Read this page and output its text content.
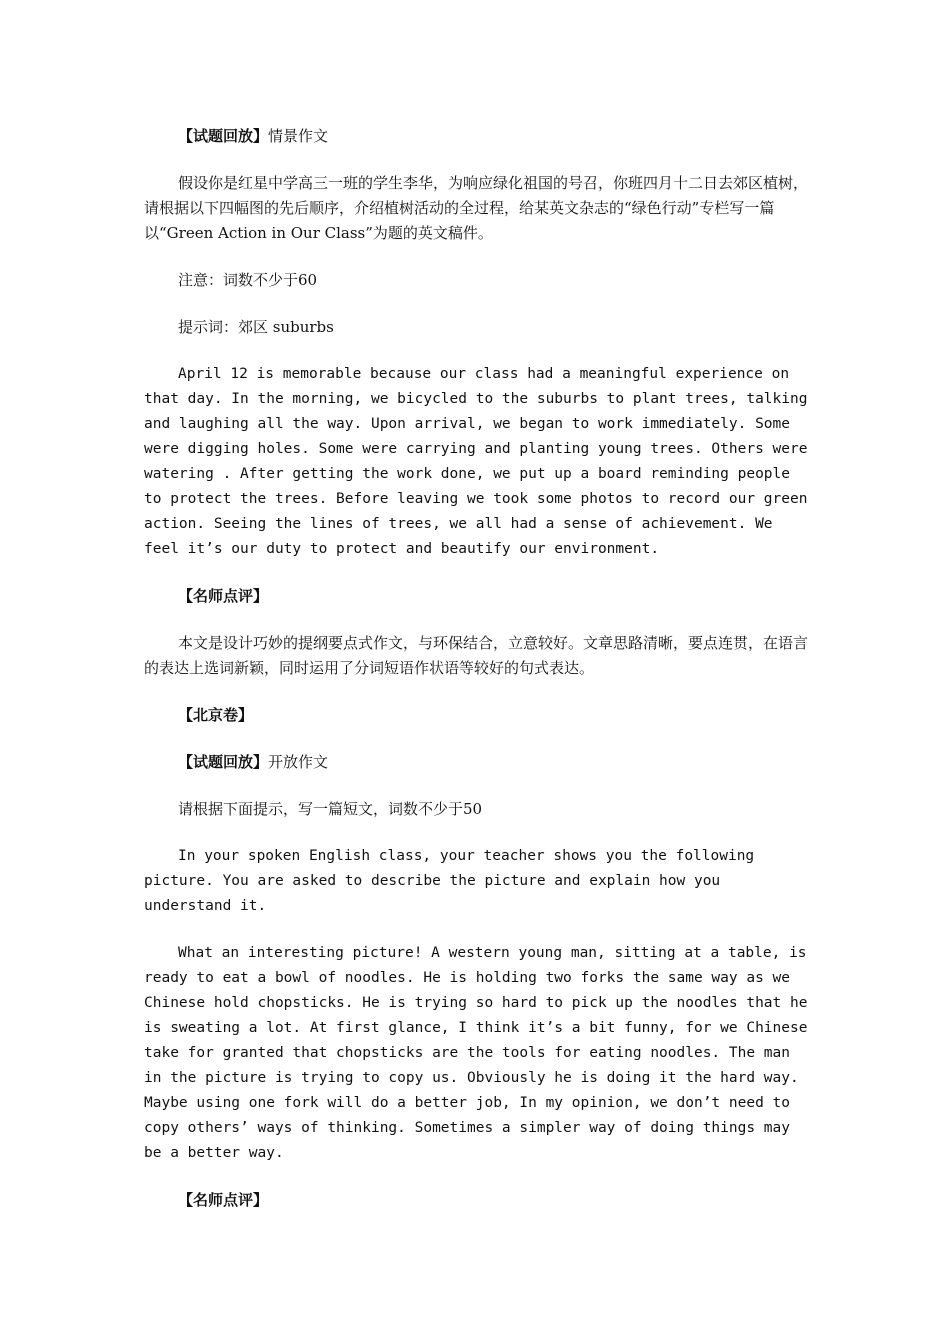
【试题回放】情景作文

假设你是红星中学高三一班的学生李华，为响应绿化祖国的号召，你班四月十二日去郊区植树，请根据以下四幅图的先后顺序，介绍植树活动的全过程，给某英文杂志的“绿色行动”专栏写一篇以“Green Action in Our Class”为题的英文稿件。

注意：词数不少于60

提示词：郊区 suburbs

April 12 is memorable because our class had a meaningful experience on that day. In the morning, we bicycled to the suburbs to plant trees, talking and laughing all the way. Upon arrival, we began to work immediately. Some were digging holes. Some were carrying and planting young trees. Others were watering . After getting the work done, we put up a board reminding people to protect the trees. Before leaving we took some photos to record our green action. Seeing the lines of trees, we all had a sense of achievement. We feel it’s our duty to protect and beautify our environment.

【名师点评】

本文是设计巧妙的提纲要点式作文，与环保结合，立意较好。文章思路清晰，要点连贯，在语言的表达上选词新颖，同时运用了分词短语作状语等较好的句式表达。

【北京卷】

【试题回放】开放作文

请根据下面提示，写一篇短文，词数不少于50

In your spoken English class, your teacher shows you the following picture. You are asked to describe the picture and explain how you understand it.

What an interesting picture! A western young man, sitting at a table, is ready to eat a bowl of noodles. He is holding two forks the same way as we Chinese hold chopsticks. He is trying so hard to pick up the noodles that he is sweating a lot. At first glance, I think it’s a bit funny, for we Chinese take for granted that chopsticks are the tools for eating noodles. The man in the picture is trying to copy us. Obviously he is doing it the hard way. Maybe using one fork will do a better job, In my opinion, we don’t need to copy others’ ways of thinking. Sometimes a simpler way of doing things may be a better way.

【名师点评】
